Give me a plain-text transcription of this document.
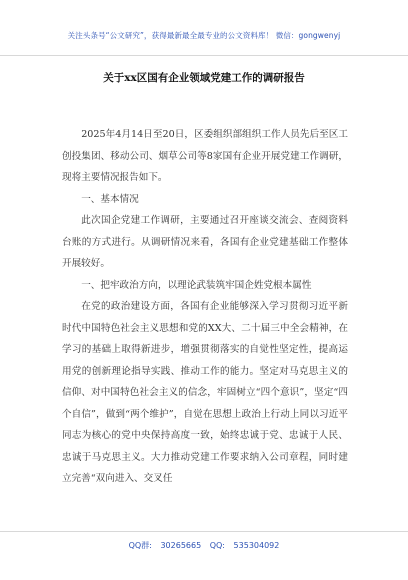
关注头条号“公文研究”，获得最新最全最专业的公文资料库！ 微信：gongwenyj
关于xx区国有企业领域党建工作的调研报告

2025年4月14日至20日，区委组织部组织工作人员先后至区工创投集团、移动公司、烟草公司等8家国有企业开展党建工作调研，现将主要情况报告如下。

一、基本情况

此次国企党建工作调研，主要通过召开座谈交流会、查阅资料台账的方式进行。从调研情况来看，各国有企业党建基础工作整体开展较好。

一、把牢政治方向，以理论武装筑牢国企姓党根本属性

在党的政治建设方面，各国有企业能够深入学习贯彻习近平新时代中国特色社会主义思想和党的XX大、二十届三中全会精神，在学习的基础上取得新进步，增强贯彻落实的自觉性坚定性，提高运用党的创新理论指导实践、推动工作的能力。坚定对马克思主义的信仰、对中国特色社会主义的信念，牢固树立“四个意识”，坚定“四个自信”，做到“两个维护”，自觉在思想上政治上行动上同以习近平同志为核心的党中央保持高度一致，始终忠诚于党、忠诚于人民、忠诚于马克思主义。大力推动党建工作要求纳入公司章程，同时建立完善“双向进入、交叉任

QQ群: 30265665 QQ: 535304092
